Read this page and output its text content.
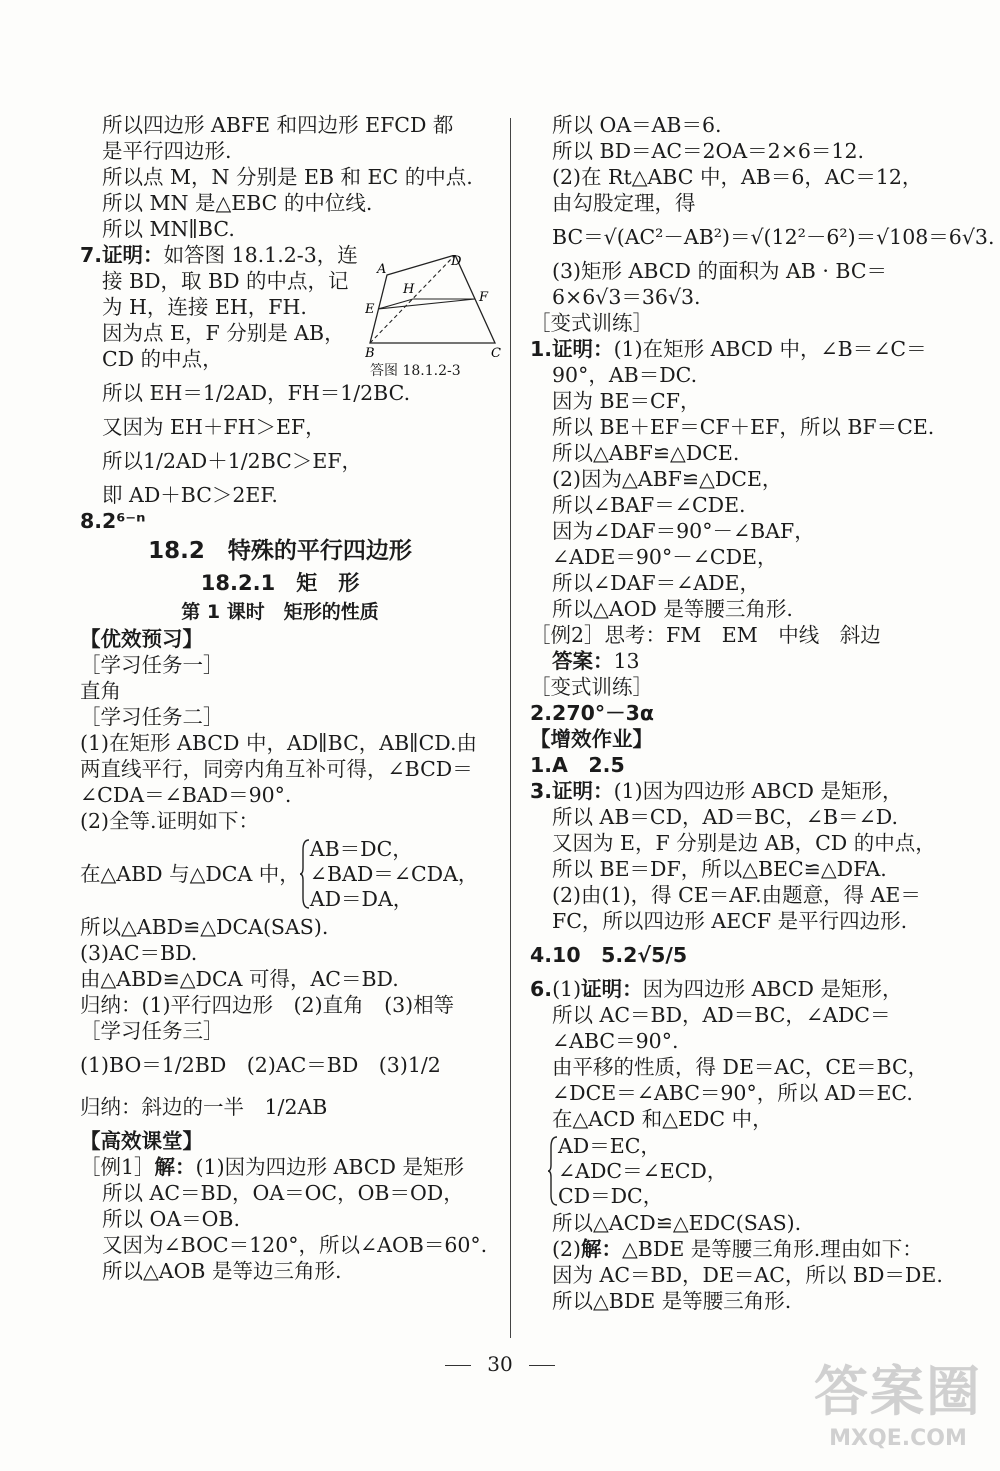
所以四边形 ABFE 和四边形 EFCD 都
是平行四边形.
所以点 M，N 分别是 EB 和 EC 的中点.
所以 MN 是△EBC 的中位线.
所以 MN∥BC.
7.证明：如答图 18.1.2-3，连
接 BD，取 BD 的中点，记
为 H，连接 EH，FH.
因为点 E，F 分别是 AB，
CD 的中点，
所以 EH＝1/2AD，FH＝1/2BC.
又因为 EH＋FH＞EF，
所以1/2AD＋1/2BC＞EF，
即 AD＋BC＞2EF.
8.2⁶⁻ⁿ
18.2　特殊的平行四边形
18.2.1　矩　形
第 1 课时　矩形的性质
【优效预习】
［学习任务一］
直角
［学习任务二］
(1)在矩形 ABCD 中，AD∥BC，AB∥CD.由
两直线平行，同旁内角互补可得，∠BCD＝
∠CDA＝∠BAD＝90°.
(2)全等.证明如下：
在△ABD 与△DCA 中，
AB＝DC，
∠BAD＝∠CDA，
AD＝DA，
所以△ABD≌△DCA(SAS).
(3)AC＝BD.
由△ABD≌△DCA 可得，AC＝BD.
归纳：(1)平行四边形　(2)直角　(3)相等
［学习任务三］
(1)BO＝1/2BD　(2)AC＝BD　(3)1/2
归纳：斜边的一半　1/2AB
【高效课堂】
［例1］解：(1)因为四边形 ABCD 是矩形
所以 AC＝BD，OA＝OC，OB＝OD，
所以 OA＝OB.
又因为∠BOC＝120°，所以∠AOB＝60°.
所以△AOB 是等边三角形.
A
B	C
D
E
F
H
答图 18.1.2-3
所以 OA＝AB＝6.
所以 BD＝AC＝2OA＝2×6＝12.
(2)在 Rt△ABC 中，AB＝6，AC＝12，
由勾股定理，得
BC＝√(AC²－AB²)＝√(12²－6²)＝√108＝6√3.
(3)矩形 ABCD 的面积为 AB · BC＝
6×6√3＝36√3.
［变式训练］
1.证明：(1)在矩形 ABCD 中，∠B＝∠C＝
90°，AB＝DC.
因为 BE＝CF，
所以 BE＋EF＝CF＋EF，所以 BF＝CE.
所以△ABF≌△DCE.
(2)因为△ABF≌△DCE，
所以∠BAF＝∠CDE.
因为∠DAF＝90°－∠BAF，
∠ADE＝90°－∠CDE，
所以∠DAF＝∠ADE，
所以△AOD 是等腰三角形.
［例2］思考：FM　EM　中线　斜边
答案：13
［变式训练］
2.270°－3α
【增效作业】
1.A　2.5
3.证明：(1)因为四边形 ABCD 是矩形，
所以 AB＝CD，AD＝BC，∠B＝∠D.
又因为 E，F 分别是边 AB，CD 的中点，
所以 BE＝DF，所以△BEC≌△DFA.
(2)由(1)，得 CE＝AF.由题意，得 AE＝
FC，所以四边形 AECF 是平行四边形.
4.10　5.2√5/5
6.(1)证明：因为四边形 ABCD 是矩形，
所以 AC＝BD，AD＝BC，∠ADC＝
∠ABC＝90°.
由平移的性质，得 DE＝AC，CE＝BC，
∠DCE＝∠ABC＝90°，所以 AD＝EC.
在△ACD 和△EDC 中，
AD＝EC，
∠ADC＝∠ECD，
CD＝DC，
所以△ACD≌△EDC(SAS).
(2)解：△BDE 是等腰三角形.理由如下：
因为 AC＝BD，DE＝AC，所以 BD＝DE.
所以△BDE 是等腰三角形.
30	答案圈
MXQE.COM
